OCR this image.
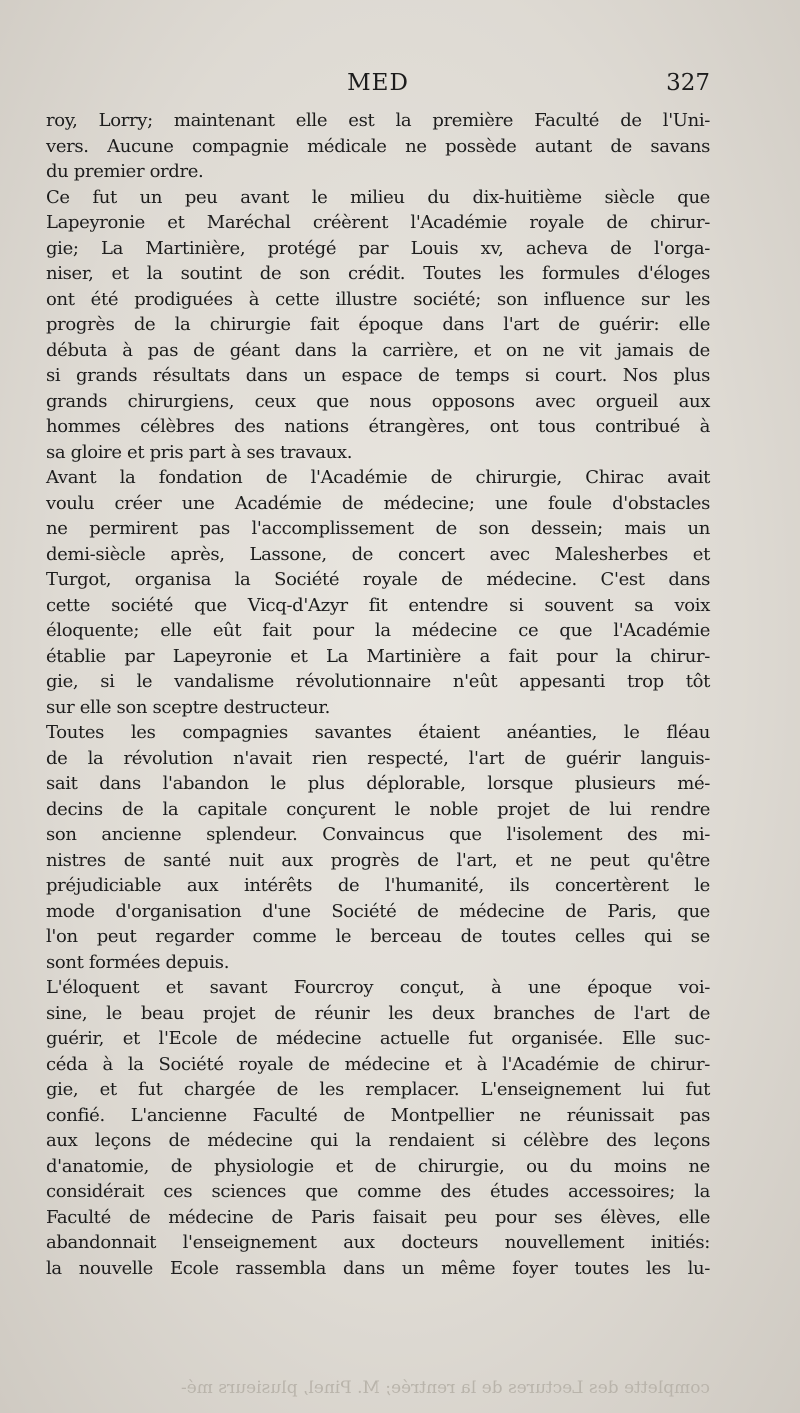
MED	327
roy, Lorry; maintenant elle est la première Faculté de l'Uni-
vers. Aucune compagnie médicale ne possède autant de savans
du premier ordre.
Ce fut un peu avant le milieu du dix-huitième siècle que
Lapeyronie et Maréchal créèrent l'Académie royale de chirur-
gie; La Martinière, protégé par Louis xv, acheva de l'orga-
niser, et la soutint de son crédit. Toutes les formules d'éloges
ont été prodiguées à cette illustre société; son influence sur les
progrès de la chirurgie fait époque dans l'art de guérir: elle
débuta à pas de géant dans la carrière, et on ne vit jamais de
si grands résultats dans un espace de temps si court. Nos plus
grands chirurgiens, ceux que nous opposons avec orgueil aux
hommes célèbres des nations étrangères, ont tous contribué à
sa gloire et pris part à ses travaux.
Avant la fondation de l'Académie de chirurgie, Chirac avait
voulu créer une Académie de médecine; une foule d'obstacles
ne permirent pas l'accomplissement de son dessein; mais un
demi-siècle après, Lassone, de concert avec Malesherbes et
Turgot, organisa la Société royale de médecine. C'est dans
cette société que Vicq-d'Azyr fit entendre si souvent sa voix
éloquente; elle eût fait pour la médecine ce que l'Académie
établie par Lapeyronie et La Martinière a fait pour la chirur-
gie, si le vandalisme révolutionnaire n'eût appesanti trop tôt
sur elle son sceptre destructeur.
Toutes les compagnies savantes étaient anéanties, le fléau
de la révolution n'avait rien respecté, l'art de guérir languis-
sait dans l'abandon le plus déplorable, lorsque plusieurs mé-
decins de la capitale conçurent le noble projet de lui rendre
son ancienne splendeur. Convaincus que l'isolement des mi-
nistres de santé nuit aux progrès de l'art, et ne peut qu'être
préjudiciable aux intérêts de l'humanité, ils concertèrent le
mode d'organisation d'une Société de médecine de Paris, que
l'on peut regarder comme le berceau de toutes celles qui se
sont formées depuis.
L'éloquent et savant Fourcroy conçut, à une époque voi-
sine, le beau projet de réunir les deux branches de l'art de
guérir, et l'Ecole de médecine actuelle fut organisée. Elle suc-
céda à la Société royale de médecine et à l'Académie de chirur-
gie, et fut chargée de les remplacer. L'enseignement lui fut
confié. L'ancienne Faculté de Montpellier ne réunissait pas
aux leçons de médecine qui la rendaient si célèbre des leçons
d'anatomie, de physiologie et de chirurgie, ou du moins ne
considérait ces sciences que comme des études accessoires; la
Faculté de médecine de Paris faisait peu pour ses élèves, elle
abandonnait l'enseignement aux docteurs nouvellement initiés:
la nouvelle Ecole rassembla dans un même foyer toutes les lu-
complette des Lectures de la rentrée; M. Pinel, plusieurs mé-
